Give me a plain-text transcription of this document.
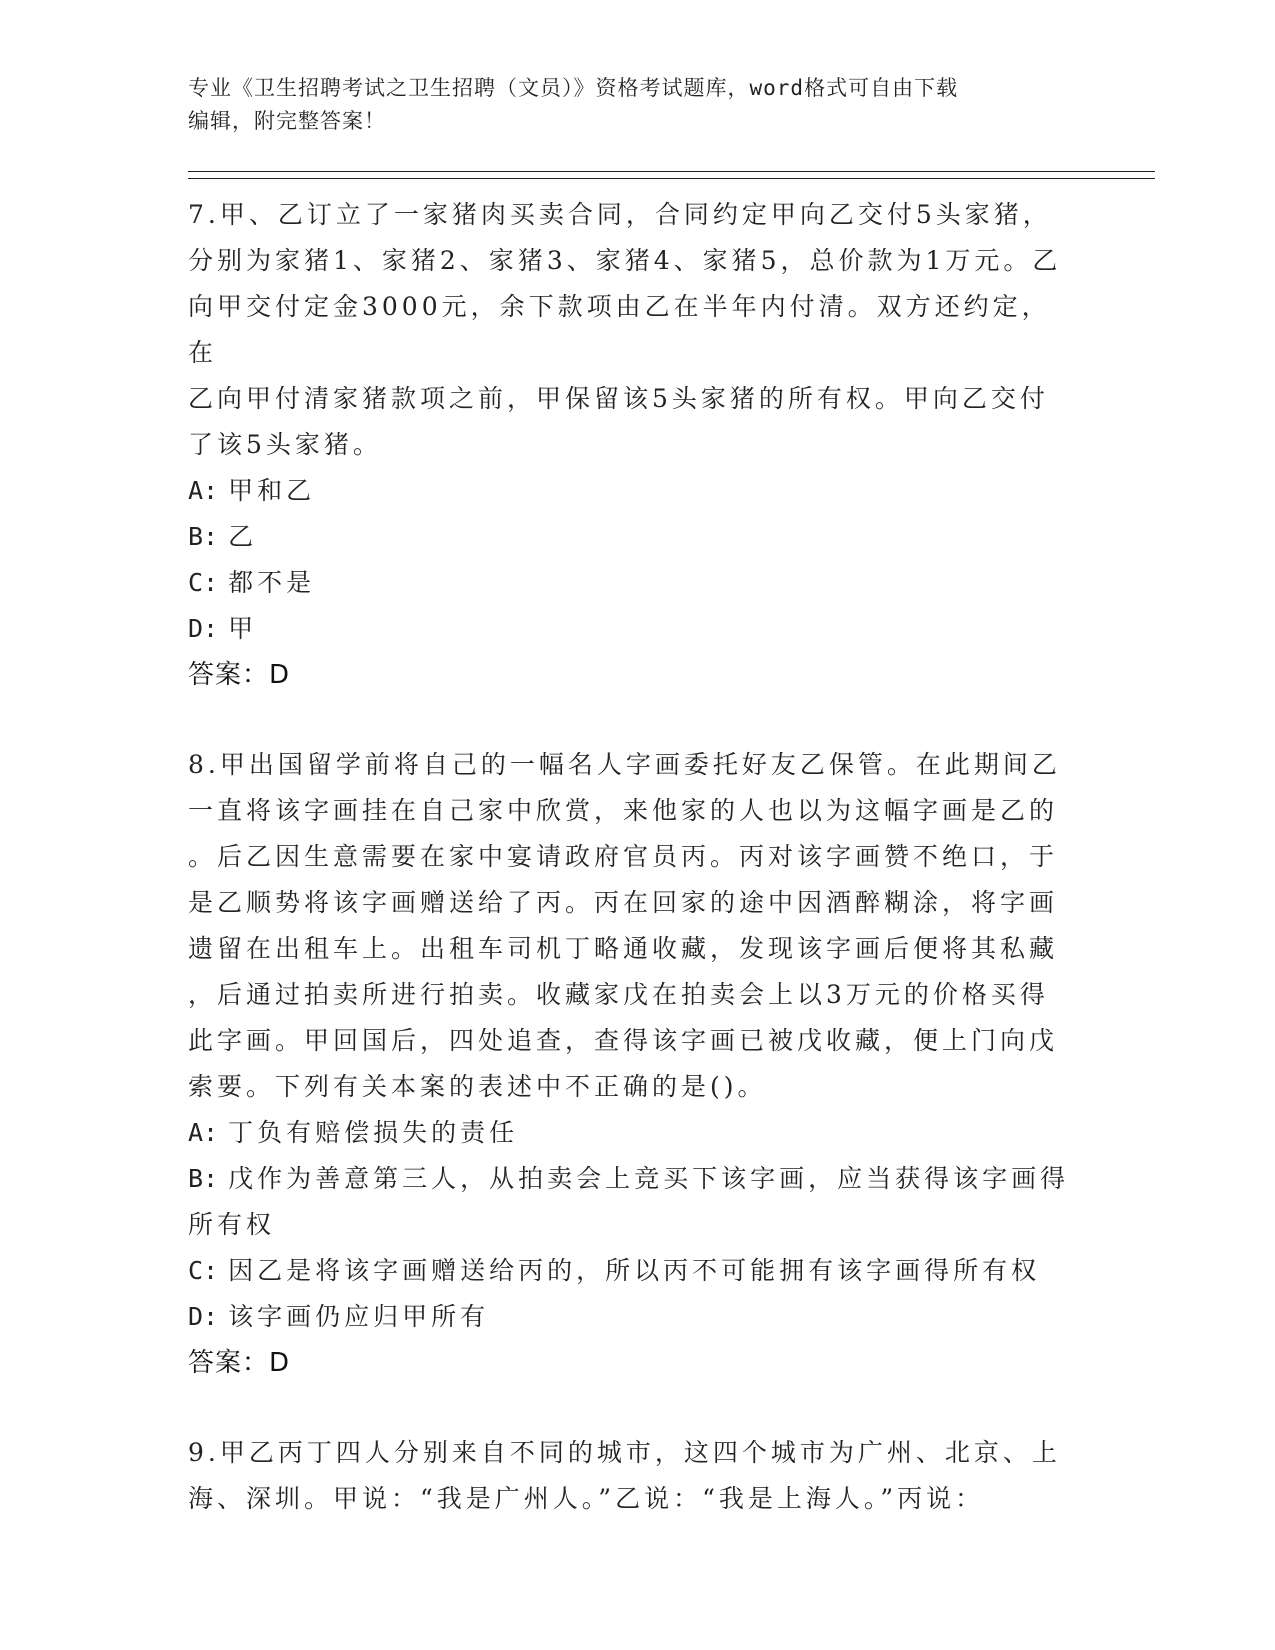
专业《卫生招聘考试之卫生招聘（文员）》资格考试题库，word格式可自由下载
编辑，附完整答案！
7.甲、乙订立了一家猪肉买卖合同，合同约定甲向乙交付5头家猪，
分别为家猪1、家猪2、家猪3、家猪4、家猪5，总价款为1万元。乙
向甲交付定金3000元，余下款项由乙在半年内付清。双方还约定，在
乙向甲付清家猪款项之前，甲保留该5头家猪的所有权。甲向乙交付
了该5头家猪。
A: 甲和乙
B: 乙
C: 都不是
D: 甲
答案：D
8.甲出国留学前将自己的一幅名人字画委托好友乙保管。在此期间乙
一直将该字画挂在自己家中欣赏，来他家的人也以为这幅字画是乙的
。后乙因生意需要在家中宴请政府官员丙。丙对该字画赞不绝口，于
是乙顺势将该字画赠送给了丙。丙在回家的途中因酒醉糊涂，将字画
遗留在出租车上。出租车司机丁略通收藏，发现该字画后便将其私藏
，后通过拍卖所进行拍卖。收藏家戊在拍卖会上以3万元的价格买得
此字画。甲回国后，四处追查，查得该字画已被戊收藏，便上门向戊
索要。下列有关本案的表述中不正确的是()。
A: 丁负有赔偿损失的责任
B: 戊作为善意第三人，从拍卖会上竞买下该字画，应当获得该字画得
所有权
C: 因乙是将该字画赠送给丙的，所以丙不可能拥有该字画得所有权
D: 该字画仍应归甲所有
答案：D
9.甲乙丙丁四人分别来自不同的城市，这四个城市为广州、北京、上
海、深圳。甲说：“我是广州人。”乙说：“我是上海人。”丙说：
